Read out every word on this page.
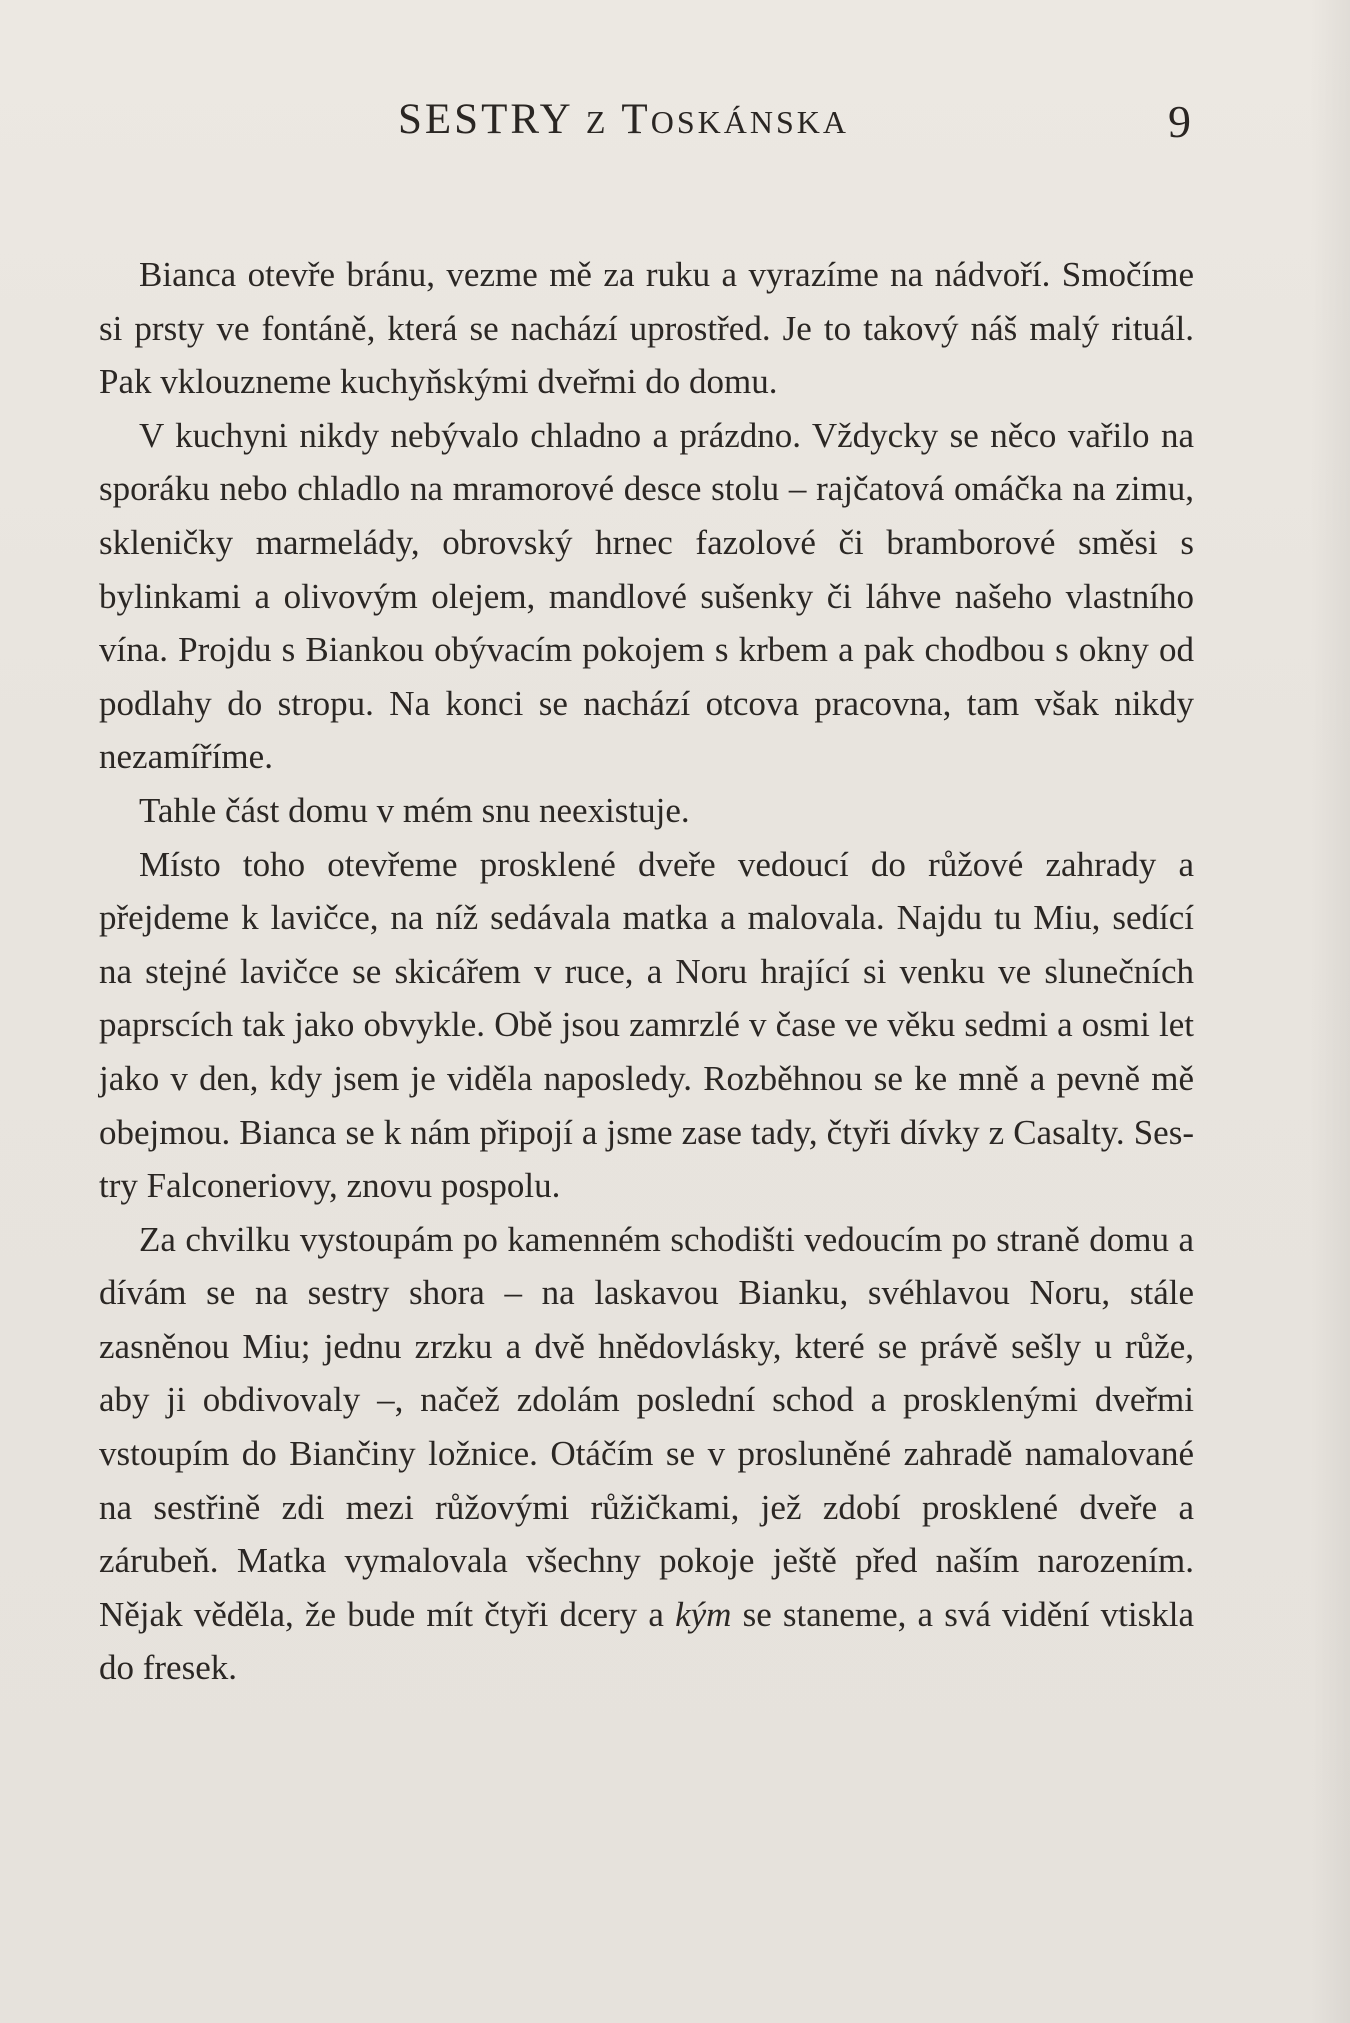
SESTRY Z TOSKÁNSKA	9

Bianca otevře bránu, vezme mě za ruku a vyrazíme na nádvoří. Smočíme si prsty ve fontáně, která se nachází uprostřed. Je to takový náš malý rituál. Pak vklouzneme kuchyňskými dveřmi do domu.

V kuchyni nikdy nebývalo chladno a prázdno. Vždycky se něco vařilo na sporáku nebo chladlo na mramorové desce stolu – rajčatová omáčka na zimu, skleničky marmelády, obrovský hrnec fazolové či bramborové směsi s bylinkami a olivovým olejem, mandlové sušenky či láhve našeho vlastního vína. Projdu s Biankou obývacím pokojem s krbem a pak chodbou s okny od podlahy do stropu. Na konci se nachází otcova pracovna, tam však nikdy nezamíříme.

Tahle část domu v mém snu neexistuje.

Místo toho otevřeme prosklené dveře vedoucí do růžové zahrady a přejdeme k lavičce, na níž sedávala matka a malovala. Najdu tu Miu, sedící na stejné lavičce se skicářem v ruce, a Noru hrající si venku ve slunečních paprscích tak jako obvykle. Obě jsou zamrzlé v čase ve věku sedmi a osmi let jako v den, kdy jsem je viděla naposledy. Rozběhnou se ke mně a pevně mě obejmou. Bianca se k nám připojí a jsme zase tady, čtyři dívky z Casalty. Sestry Falconeriovy, znovu pospolu.

Za chvilku vystoupám po kamenném schodišti vedoucím po straně domu a dívám se na sestry shora – na laskavou Bianku, svéhlavou Noru, stále zasněnou Miu; jednu zrzku a dvě hnědovlásky, které se právě sešly u růže, aby ji obdivovaly –, načež zdolám poslední schod a prosklenými dveřmi vstoupím do Biančiny ložnice. Otáčím se v prosluněné zahradě namalované na sestřině zdi mezi růžovými růžičkami, jež zdobí prosklené dveře a zárubeň. Matka vymalovala všechny pokoje ještě před naším narozením. Nějak věděla, že bude mít čtyři dcery a kým se staneme, a svá vidění vtiskla do fresek.
